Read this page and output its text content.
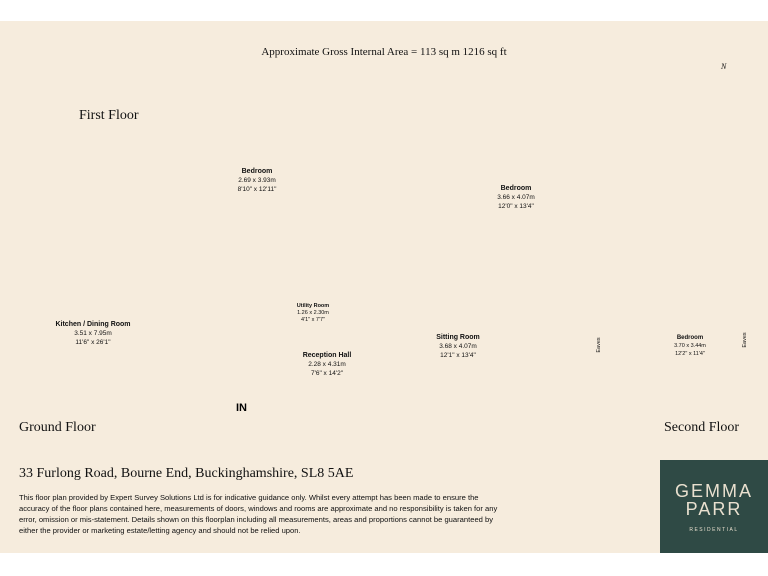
Approximate Gross Internal Area = 113 sq m 1216 sq ft
N
First Floor
Ground Floor	Second Floor
Bedroom
2.69 x 3.93m
8'10" x 12'11"	Bedroom
3.66 x 4.07m
12'0" x 13'4"
Kitchen / Dining Room
3.51 x 7.95m
11'6" x 26'1"
Utility Room
1.26 x 2.30m
4'1" x 7'7"
Reception Hall
2.28 x 4.31m
7'6" x 14'2"
Sitting Room
3.68 x 4.07m
12'1" x 13'4"
Bedroom
3.70 x 3.44m
12'2" x 11'4"
Eaves	Eaves
IN
33 Furlong Road, Bourne End, Buckinghamshire, SL8 5AE
This floor plan provided by Expert Survey Solutions Ltd is for indicative guidance only. Whilst every attempt has been made to ensure the accuracy of the floor plans contained here, measurements of doors, windows and rooms are approximate and no responsibility is taken for any error, omission or mis-statement. Details shown on this floorplan including all measurements, areas and proportions cannot be guaranteed by either the provider or marketing estate/letting agency and should not be relied upon.
GEMMA
PARR
RESIDENTIAL
